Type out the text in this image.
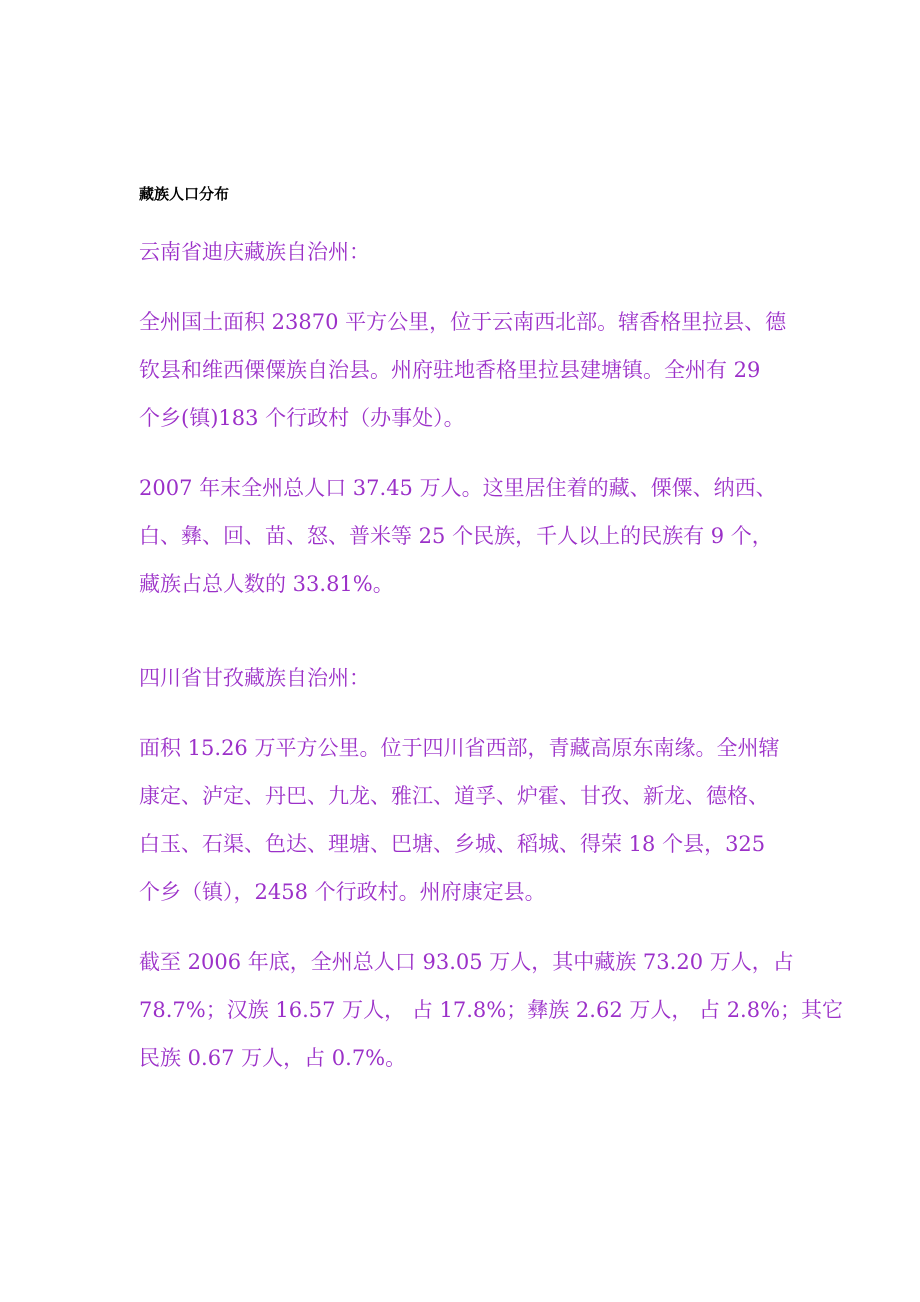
藏族人口分布
云南省迪庆藏族自治州：
全州国土面积 23870 平方公里，位于云南西北部。辖香格里拉县、德
钦县和维西傈僳族自治县。州府驻地香格里拉县建塘镇。全州有 29
个乡(镇)183 个行政村（办事处）。
2007 年末全州总人口 37.45 万人。这里居住着的藏、傈僳、纳西、
白、彝、回、苗、怒、普米等 25 个民族，千人以上的民族有 9 个，
藏族占总人数的 33.81%。
四川省甘孜藏族自治州：
面积 15.26 万平方公里。位于四川省西部，青藏高原东南缘。全州辖
康定、泸定、丹巴、九龙、雅江、道孚、炉霍、甘孜、新龙、德格、
白玉、石渠、色达、理塘、巴塘、乡城、稻城、得荣 18 个县，325
个乡（镇），2458 个行政村。州府康定县。
截至 2006 年底，全州总人口 93.05 万人，其中藏族 73.20 万人，占
78.7%；汉族 16.57 万人， 占 17.8%；彝族 2.62 万人， 占 2.8%；其它
民族 0.67 万人，占 0.7%。
